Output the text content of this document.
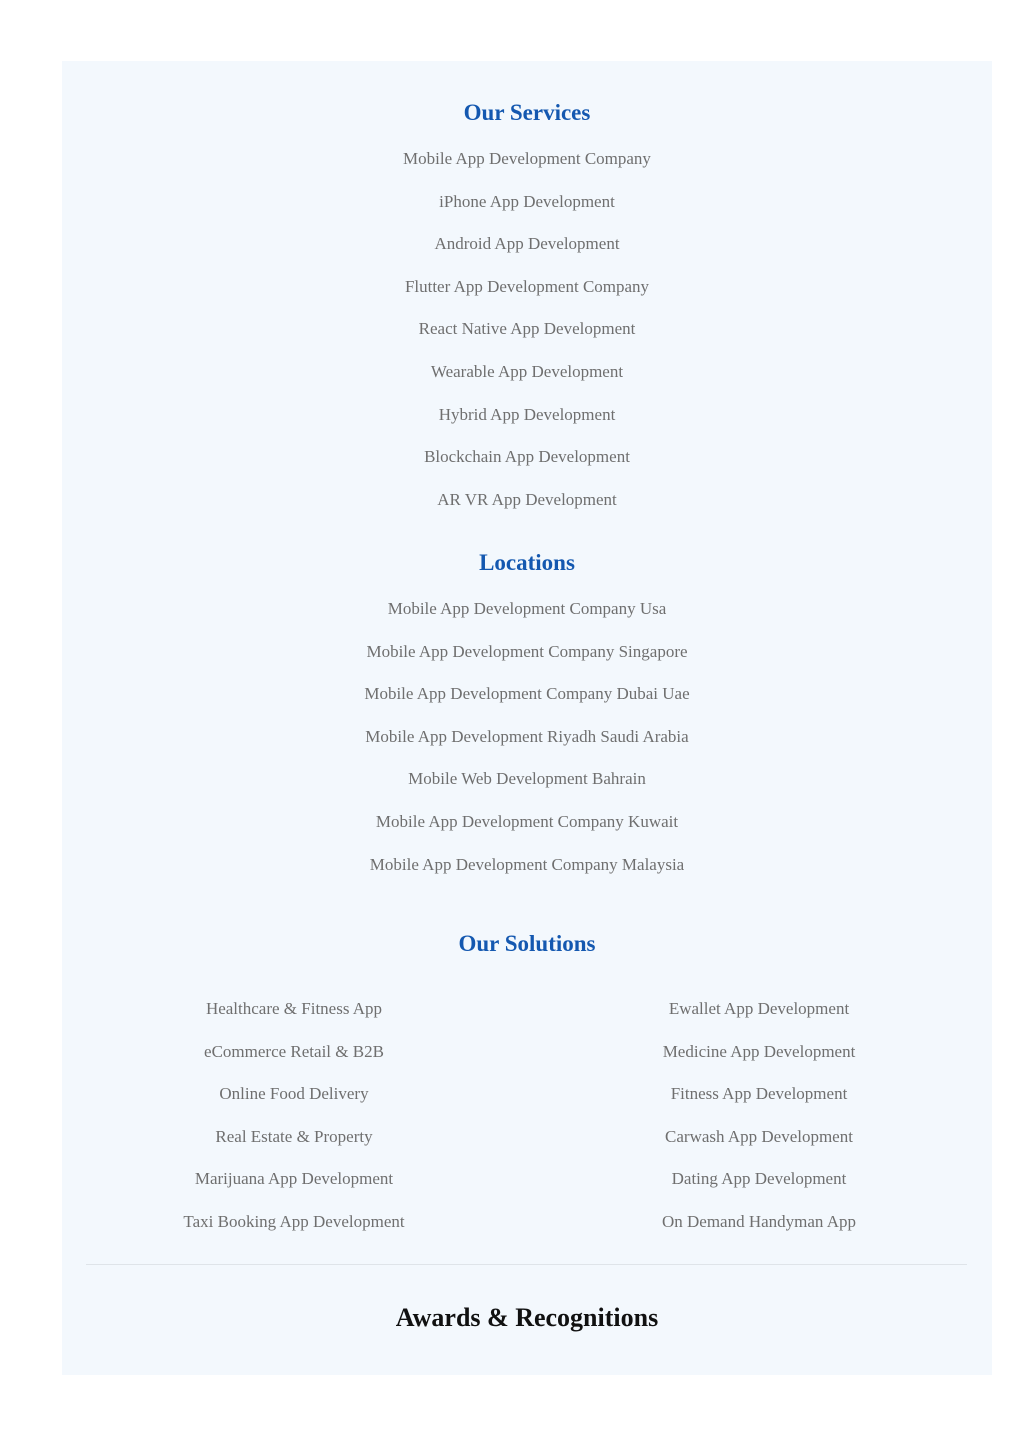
Our Services
Mobile App Development Company
iPhone App Development
Android App Development
Flutter App Development Company
React Native App Development
Wearable App Development
Hybrid App Development
Blockchain App Development
AR VR App Development
Locations
Mobile App Development Company Usa
Mobile App Development Company Singapore
Mobile App Development Company Dubai Uae
Mobile App Development Riyadh Saudi Arabia
Mobile Web Development Bahrain
Mobile App Development Company Kuwait
Mobile App Development Company Malaysia
Our Solutions
Healthcare & Fitness App
eCommerce Retail & B2B
Online Food Delivery
Real Estate & Property
Marijuana App Development
Taxi Booking App Development
Ewallet App Development
Medicine App Development
Fitness App Development
Carwash App Development
Dating App Development
On Demand Handyman App
Awards & Recognitions
